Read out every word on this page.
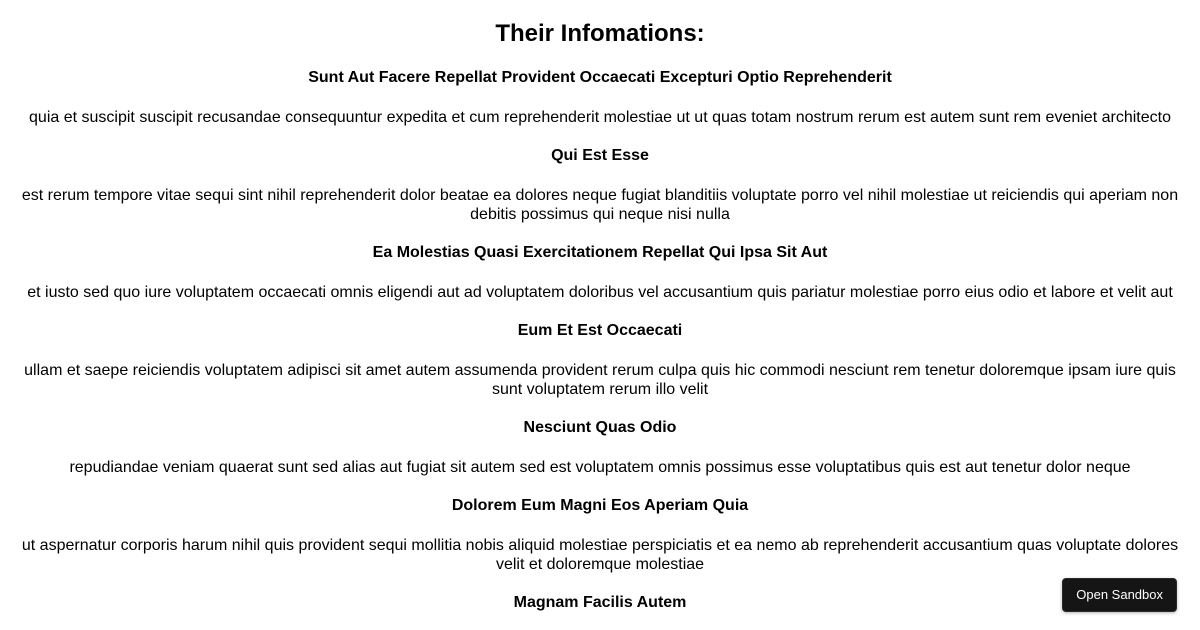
Their Infomations:
Sunt Aut Facere Repellat Provident Occaecati Excepturi Optio Reprehenderit

quia et suscipit suscipit recusandae consequuntur expedita et cum reprehenderit molestiae ut ut quas totam nostrum rerum est autem sunt rem eveniet architecto

Qui Est Esse

est rerum tempore vitae sequi sint nihil reprehenderit dolor beatae ea dolores neque fugiat blanditiis voluptate porro vel nihil molestiae ut reiciendis qui aperiam non debitis possimus qui neque nisi nulla

Ea Molestias Quasi Exercitationem Repellat Qui Ipsa Sit Aut

et iusto sed quo iure voluptatem occaecati omnis eligendi aut ad voluptatem doloribus vel accusantium quis pariatur molestiae porro eius odio et labore et velit aut

Eum Et Est Occaecati

ullam et saepe reiciendis voluptatem adipisci sit amet autem assumenda provident rerum culpa quis hic commodi nesciunt rem tenetur doloremque ipsam iure quis sunt voluptatem rerum illo velit

Nesciunt Quas Odio

repudiandae veniam quaerat sunt sed alias aut fugiat sit autem sed est voluptatem omnis possimus esse voluptatibus quis est aut tenetur dolor neque

Dolorem Eum Magni Eos Aperiam Quia

ut aspernatur corporis harum nihil quis provident sequi mollitia nobis aliquid molestiae perspiciatis et ea nemo ab reprehenderit accusantium quas voluptate dolores velit et doloremque molestiae

Magnam Facilis Autem	Open Sandbox
